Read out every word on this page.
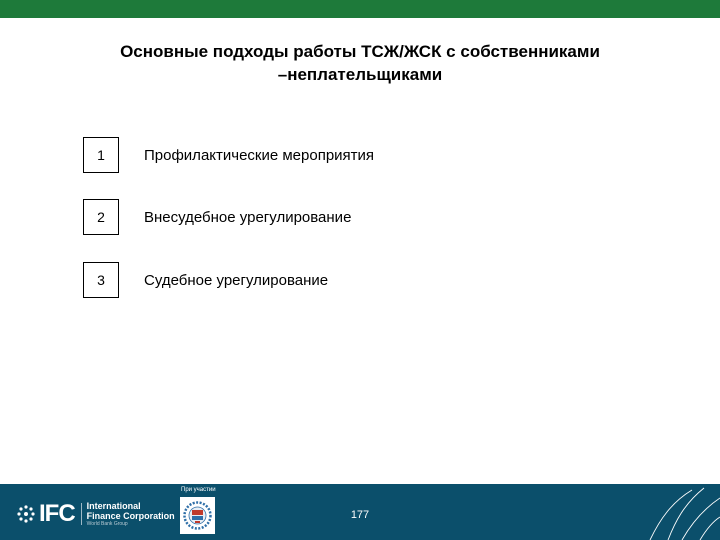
Основные подходы работы ТСЖ/ЖСК с собственниками
–неплательщиками
1	Профилактические мероприятия
2	Внесудебное урегулирование
3	Судебное урегулирование
IFC International
Finance Corporation
World Bank Group
При участии
177
